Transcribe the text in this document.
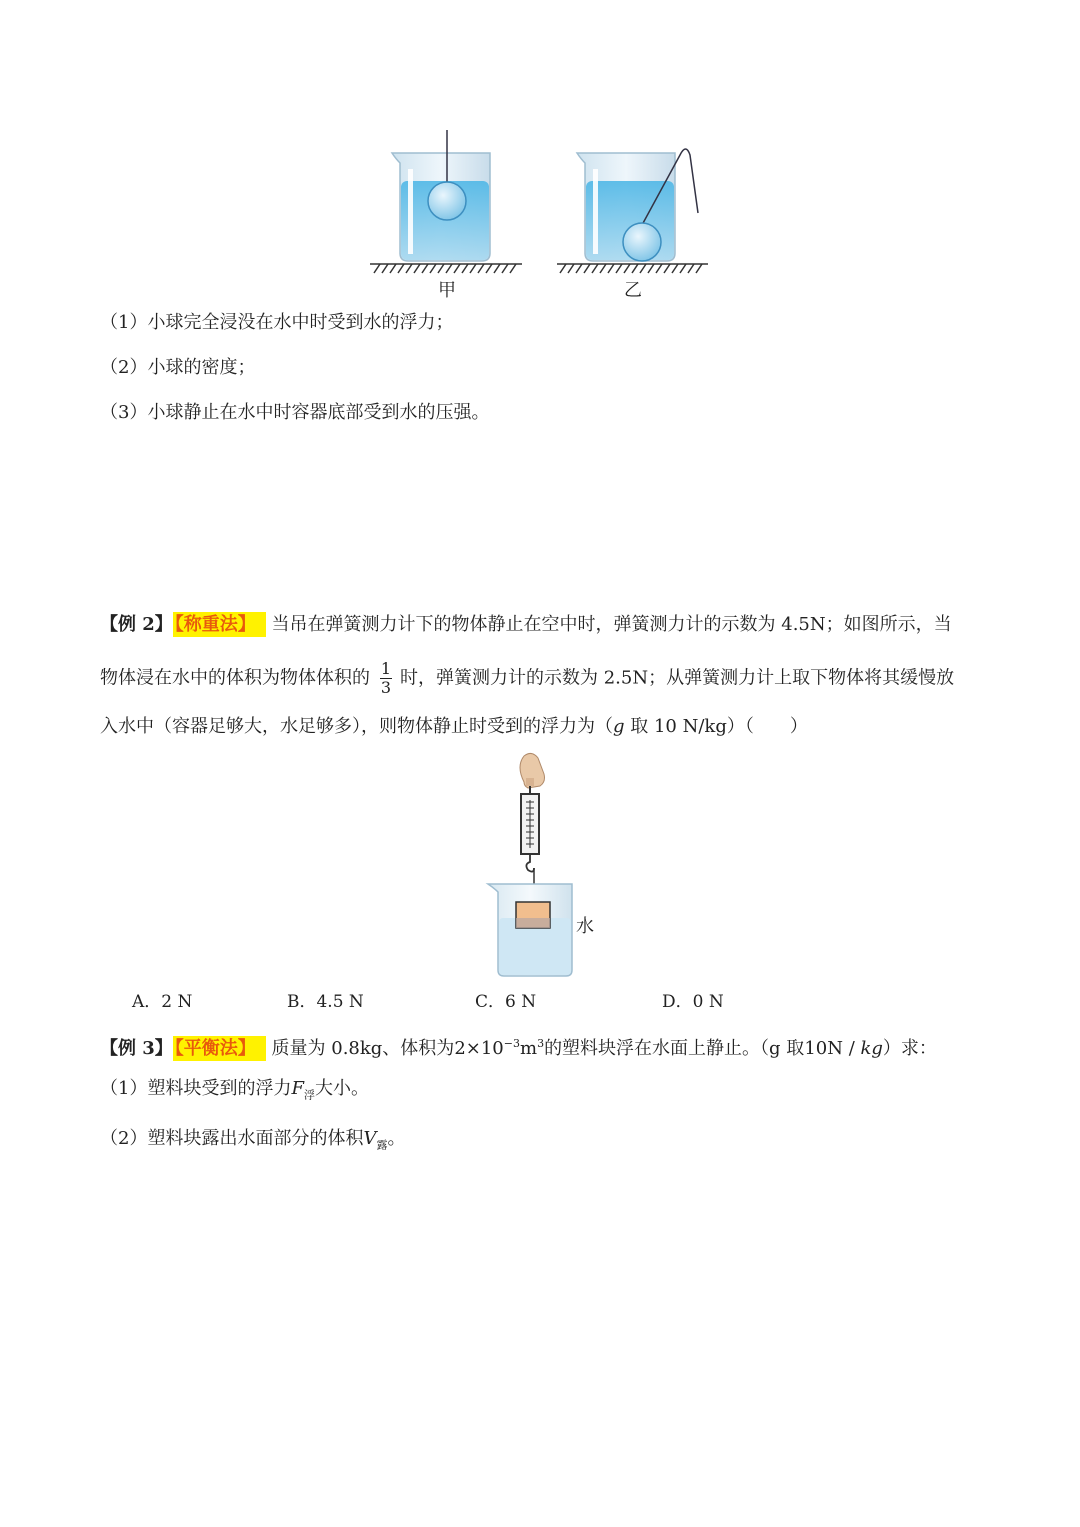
甲	乙
（1）小球完全浸没在水中时受到水的浮力；
（2）小球的密度；
（3）小球静止在水中时容器底部受到水的压强。
【例 2】 【称重法】 当吊在弹簧测力计下的物体静止在空中时，弹簧测力计的示数为 4.5N；如图所示，当
物体浸在水中的体积为物体体积的 $\frac{1}{3}$ 时，弹簧测力计的示数为 2.5N；从弹簧测力计上取下物体将其缓慢放
入水中（容器足够大，水足够多），则物体静止时受到的浮力为（g 取 10 N/kg）（　　）
水
A．2 N	B．4.5 N	C．6 N	D．0 N
【例 3】 【平衡法】 质量为 0.8kg、体积为$2\times 10^{-3}m^3$的塑料块浮在水面上静止。（g 取10N / kg）求：
（1）塑料块受到的浮力$F_浮$大小。
（2）塑料块露出水面部分的体积$V_露$。
